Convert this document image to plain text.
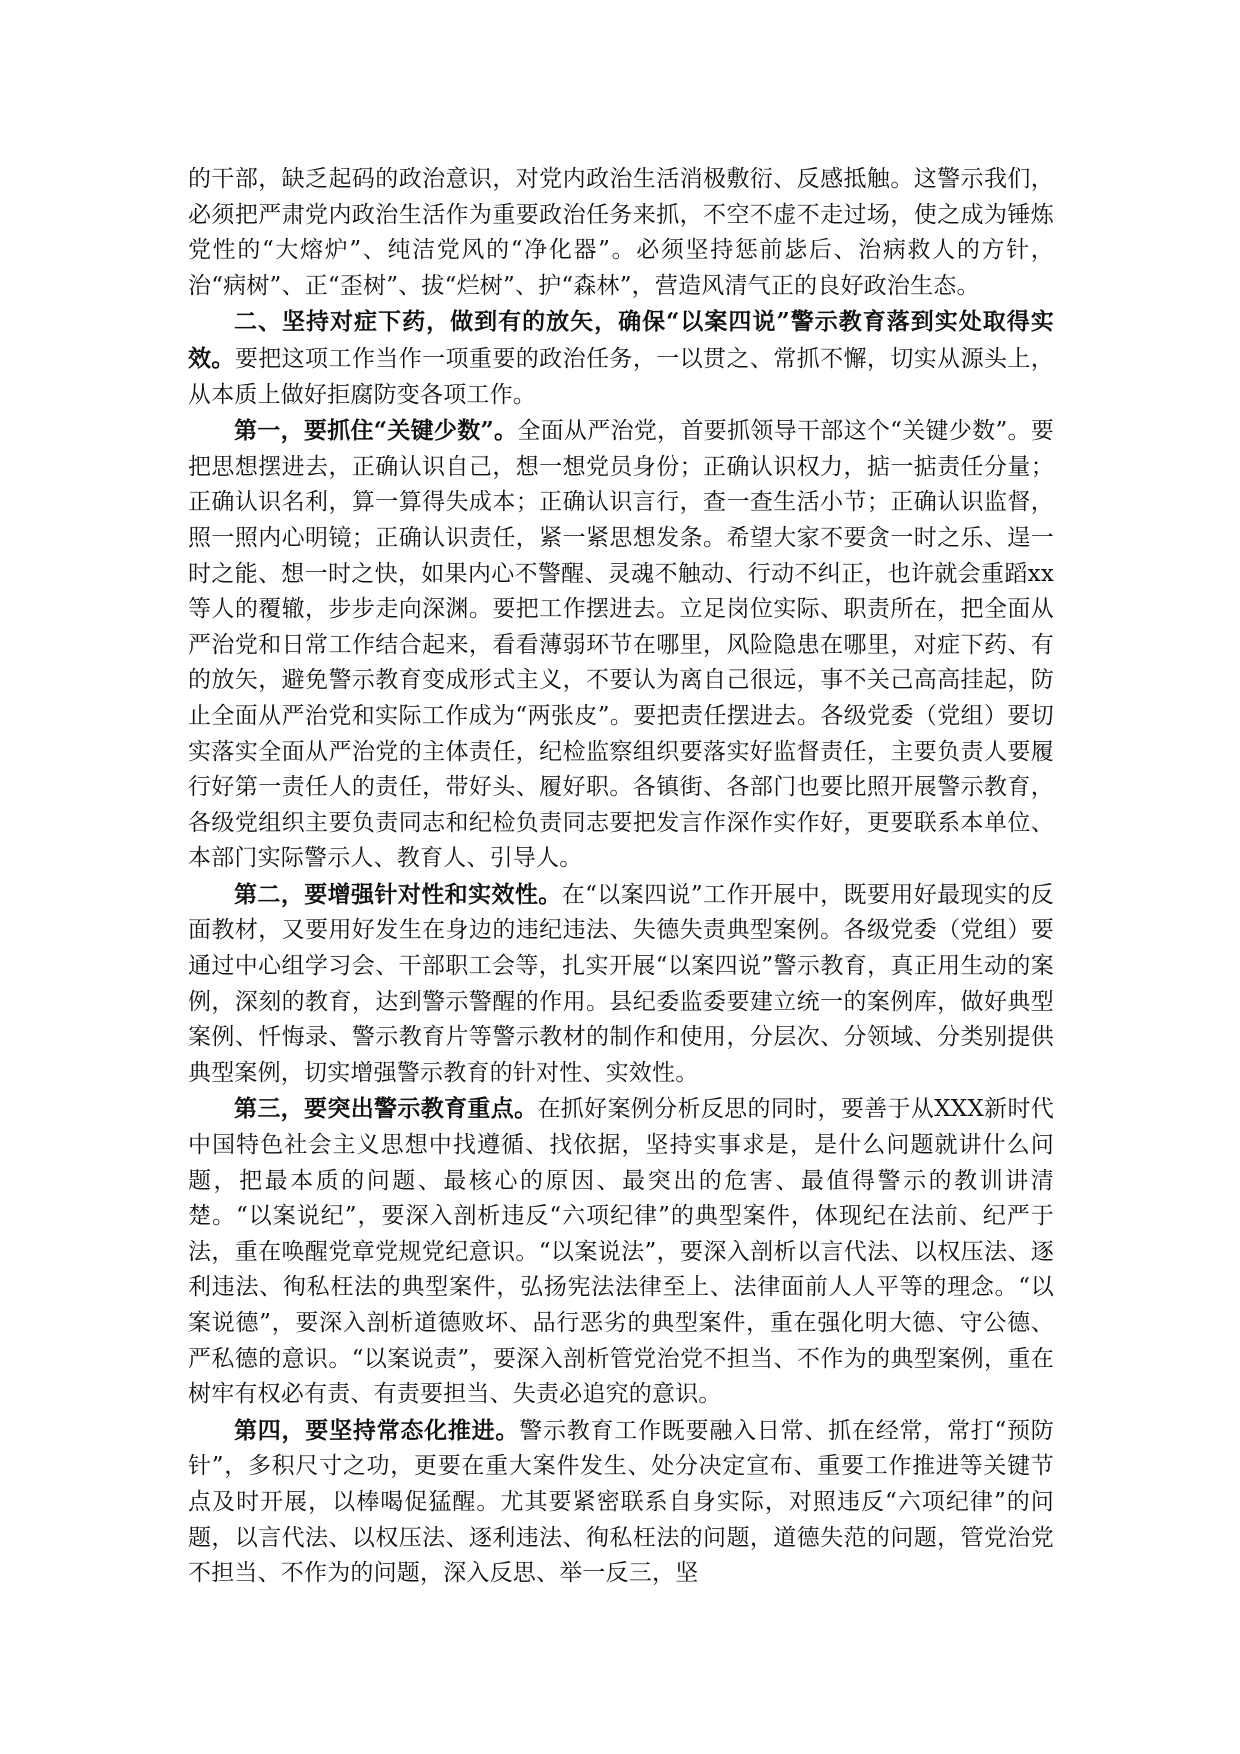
的干部，缺乏起码的政治意识，对党内政治生活消极敷衍、反感抵触。这警示我们，必须把严肃党内政治生活作为重要政治任务来抓，不空不虚不走过场，使之成为锤炼党性的“大熔炉”、纯洁党风的“净化器”。必须坚持惩前毖后、治病救人的方针，治“病树”、正“歪树”、拔“烂树”、护“森林”，营造风清气正的良好政治生态。

二、坚持对症下药，做到有的放矢，确保“以案四说”警示教育落到实处取得实效。要把这项工作当作一项重要的政治任务，一以贯之、常抓不懈，切实从源头上，从本质上做好拒腐防变各项工作。

第一，要抓住“关键少数”。全面从严治党，首要抓领导干部这个“关键少数”。要把思想摆进去，正确认识自己，想一想党员身份；正确认识权力，掂一掂责任分量；正确认识名利，算一算得失成本；正确认识言行，查一查生活小节；正确认识监督，照一照内心明镜；正确认识责任，紧一紧思想发条。希望大家不要贪一时之乐、逞一时之能、想一时之快，如果内心不警醒、灵魂不触动、行动不纠正，也许就会重蹈xx等人的覆辙，步步走向深渊。要把工作摆进去。立足岗位实际、职责所在，把全面从严治党和日常工作结合起来，看看薄弱环节在哪里，风险隐患在哪里，对症下药、有的放矢，避免警示教育变成形式主义，不要认为离自己很远，事不关己高高挂起，防止全面从严治党和实际工作成为“两张皮”。要把责任摆进去。各级党委（党组）要切实落实全面从严治党的主体责任，纪检监察组织要落实好监督责任，主要负责人要履行好第一责任人的责任，带好头、履好职。各镇街、各部门也要比照开展警示教育，各级党组织主要负责同志和纪检负责同志要把发言作深作实作好，更要联系本单位、本部门实际警示人、教育人、引导人。

第二，要增强针对性和实效性。在“以案四说”工作开展中，既要用好最现实的反面教材，又要用好发生在身边的违纪违法、失德失责典型案例。各级党委（党组）要通过中心组学习会、干部职工会等，扎实开展“以案四说”警示教育，真正用生动的案例，深刻的教育，达到警示警醒的作用。县纪委监委要建立统一的案例库，做好典型案例、忏悔录、警示教育片等警示教材的制作和使用，分层次、分领域、分类别提供典型案例，切实增强警示教育的针对性、实效性。

第三，要突出警示教育重点。在抓好案例分析反思的同时，要善于从XXX新时代中国特色社会主义思想中找遵循、找依据，坚持实事求是，是什么问题就讲什么问题，把最本质的问题、最核心的原因、最突出的危害、最值得警示的教训讲清楚。“以案说纪”，要深入剖析违反“六项纪律”的典型案件，体现纪在法前、纪严于法，重在唤醒党章党规党纪意识。“以案说法”，要深入剖析以言代法、以权压法、逐利违法、徇私枉法的典型案件，弘扬宪法法律至上、法律面前人人平等的理念。“以案说德”，要深入剖析道德败坏、品行恶劣的典型案件，重在强化明大德、守公德、严私德的意识。“以案说责”，要深入剖析管党治党不担当、不作为的典型案例，重在树牢有权必有责、有责要担当、失责必追究的意识。

第四，要坚持常态化推进。警示教育工作既要融入日常、抓在经常，常打“预防针”，多积尺寸之功，更要在重大案件发生、处分决定宣布、重要工作推进等关键节点及时开展，以棒喝促猛醒。尤其要紧密联系自身实际，对照违反“六项纪律”的问题，以言代法、以权压法、逐利违法、徇私枉法的问题，道德失范的问题，管党治党不担当、不作为的问题，深入反思、举一反三，坚
